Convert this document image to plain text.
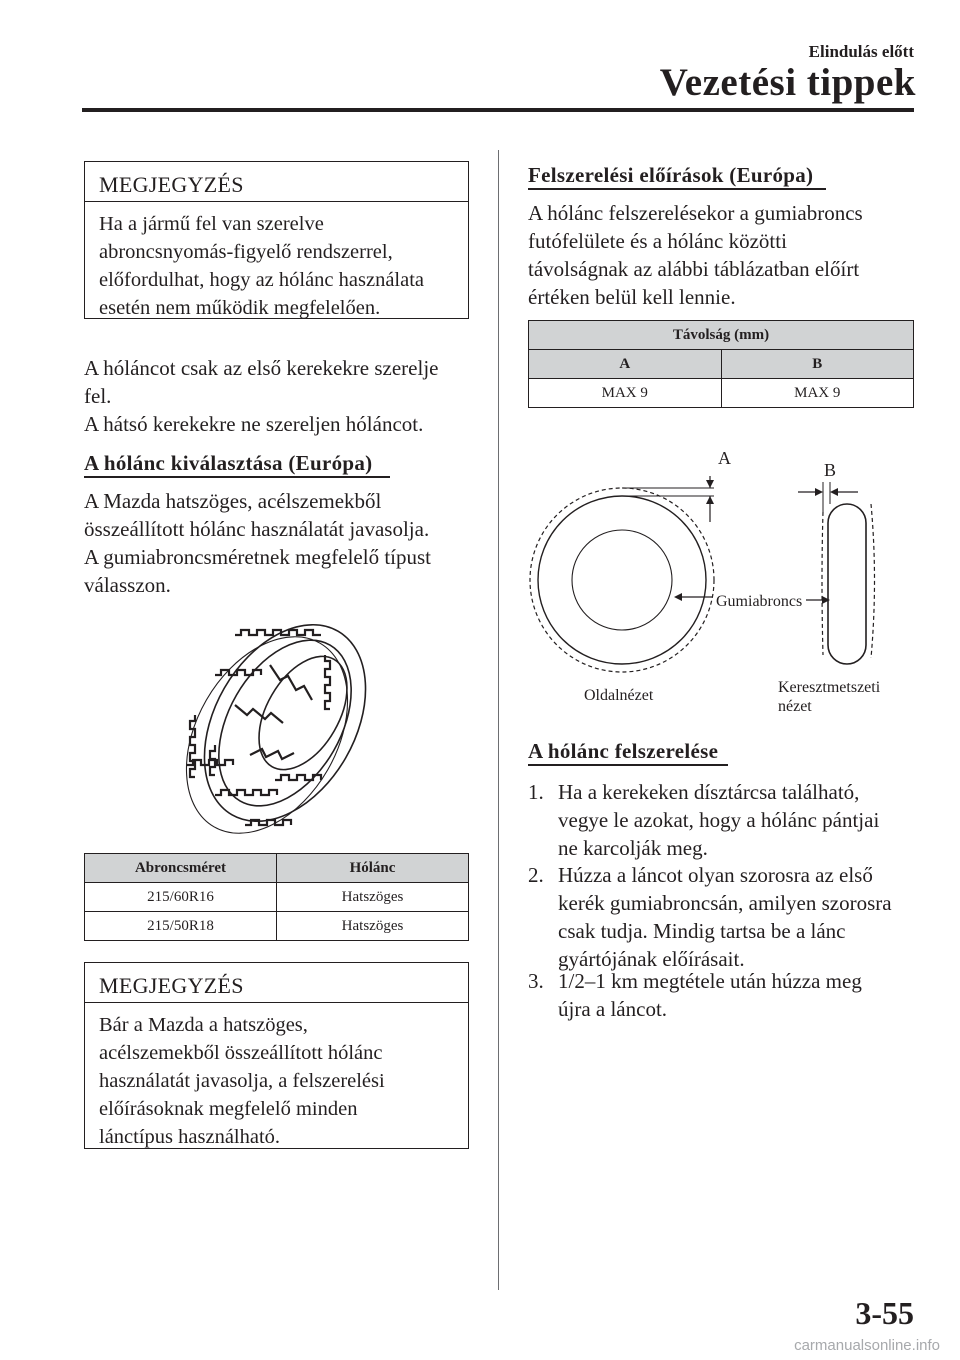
Elindulás előtt
Vezetési tippek
MEGJEGYZÉS
Ha a jármű fel van szerelve
abroncsnyomás-figyelő rendszerrel,
előfordulhat, hogy az hólánc használata
esetén nem működik megfelelően.
A hóláncot csak az első kerekekre szerelje
fel.
A hátsó kerekekre ne szereljen hóláncot.
A hólánc kiválasztása (Európa)
A Mazda hatszöges, acélszemekből
összeállított hólánc használatát javasolja.
A gumiabroncsméretnek megfelelő típust
válasszon.
Abroncsméret	Hólánc
215/60R16	Hatszöges
215/50R18	Hatszöges
MEGJEGYZÉS
Bár a Mazda a hatszöges,
acélszemekből összeállított hólánc
használatát javasolja, a felszerelési
előírásoknak megfelelő minden
lánctípus használható.
Felszerelési előírások (Európa)
A hólánc felszerelésekor a gumiabroncs
futófelülete és a hólánc közötti
távolságnak az alábbi táblázatban előírt
értéken belül kell lennie.
Távolság (mm)	
A	B
MAX 9	MAX 9
A
B
Gumiabroncs
Oldalnézet	Keresztmetszeti
nézet
A hólánc felszerelése
1. Ha a kerekeken dísztárcsa található,
vegye le azokat, hogy a hólánc pántjai
ne karcolják meg.
2. Húzza a láncot olyan szorosra az első
kerék gumiabroncsán, amilyen szorosra
csak tudja. Mindig tartsa be a lánc
gyártójának előírásait.
3. 1/2–1 km megtétele után húzza meg
újra a láncot.
3-55
carmanualsonline.info
